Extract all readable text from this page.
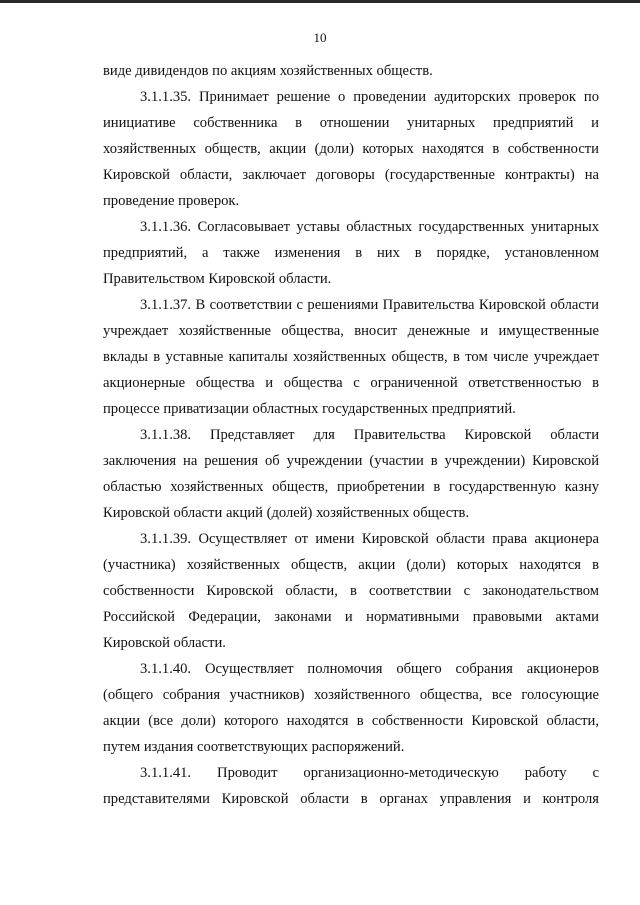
10

виде дивидендов по акциям хозяйственных обществ.

3.1.1.35. Принимает решение о проведении аудиторских проверок по инициативе собственника в отношении унитарных предприятий и хозяйственных обществ, акции (доли) которых находятся в собственности Кировской области, заключает договоры (государственные контракты) на проведение проверок.

3.1.1.36. Согласовывает уставы областных государственных унитарных предприятий, а также изменения в них в порядке, установленном Правительством Кировской области.

3.1.1.37. В соответствии с решениями Правительства Кировской области учреждает хозяйственные общества, вносит денежные и имущественные вклады в уставные капиталы хозяйственных обществ, в том числе учреждает акционерные общества и общества с ограниченной ответственностью в процессе приватизации областных государственных предприятий.

3.1.1.38. Представляет для Правительства Кировской области заключения на решения об учреждении (участии в учреждении) Кировской областью хозяйственных обществ, приобретении в государственную казну Кировской области акций (долей) хозяйственных обществ.

3.1.1.39. Осуществляет от имени Кировской области права акционера (участника) хозяйственных обществ, акции (доли) которых находятся в собственности Кировской области, в соответствии с законодательством Российской Федерации, законами и нормативными правовыми актами Кировской области.

3.1.1.40. Осуществляет полномочия общего собрания акционеров (общего собрания участников) хозяйственного общества, все голосующие акции (все доли) которого находятся в собственности Кировской области, путем издания соответствующих распоряжений.

3.1.1.41. Проводит организационно-методическую работу с представителями Кировской области в органах управления и контроля
